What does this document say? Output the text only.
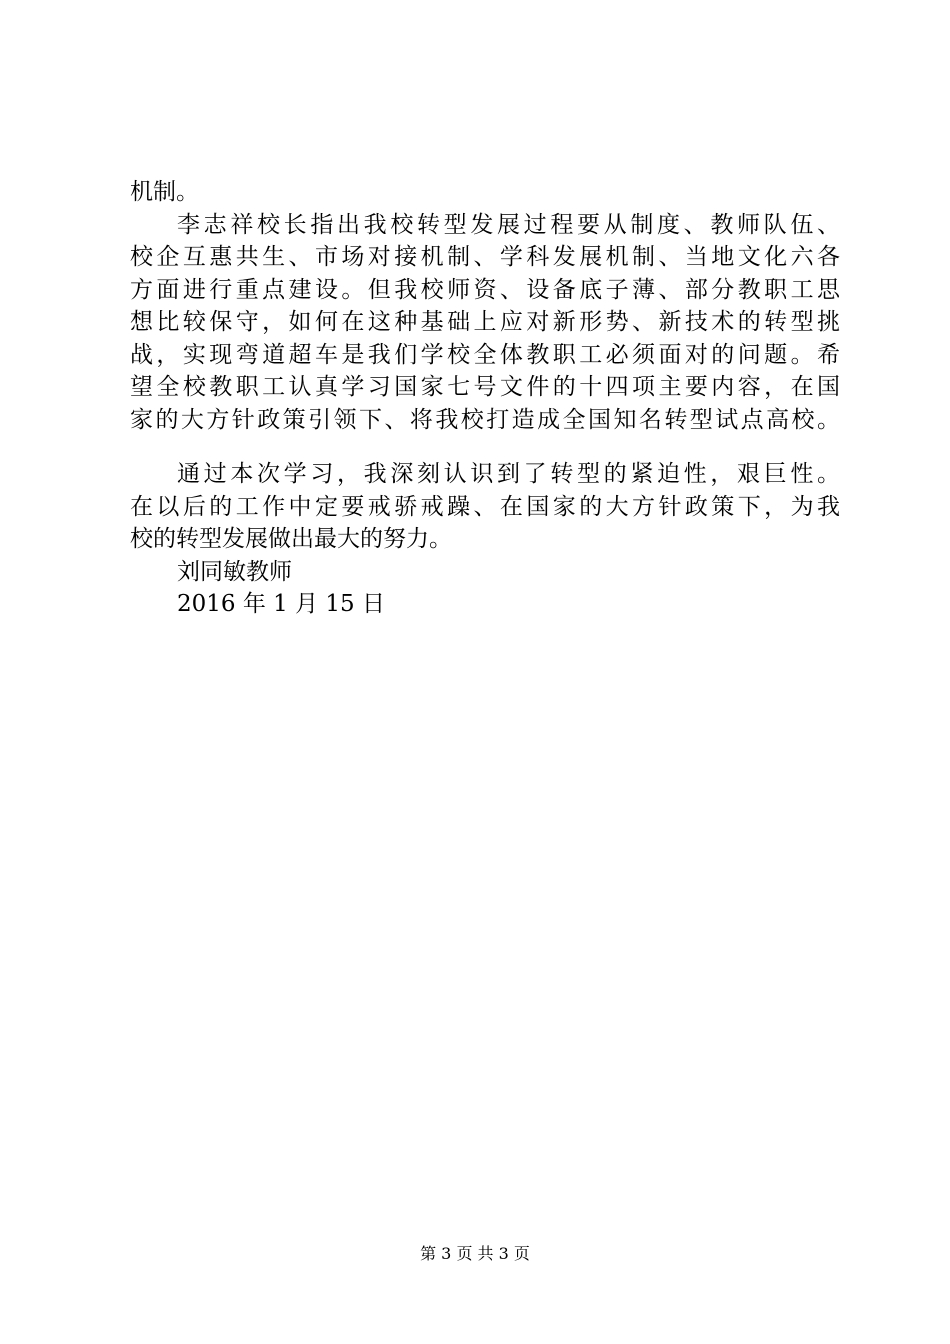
机制。
李志祥校长指出我校转型发展过程要从制度、教师队伍、
校企互惠共生、市场对接机制、学科发展机制、当地文化六各
方面进行重点建设。但我校师资、设备底子薄、部分教职工思
想比较保守，如何在这种基础上应对新形势、新技术的转型挑
战，实现弯道超车是我们学校全体教职工必须面对的问题。希
望全校教职工认真学习国家七号文件的十四项主要内容，在国
家的大方针政策引领下、将我校打造成全国知名转型试点高校。
通过本次学习，我深刻认识到了转型的紧迫性，艰巨性。
在以后的工作中定要戒骄戒躁、在国家的大方针政策下，为我
校的转型发展做出最大的努力。
刘同敏教师
2016 年 1 月 15 日
第 3 页 共 3 页
